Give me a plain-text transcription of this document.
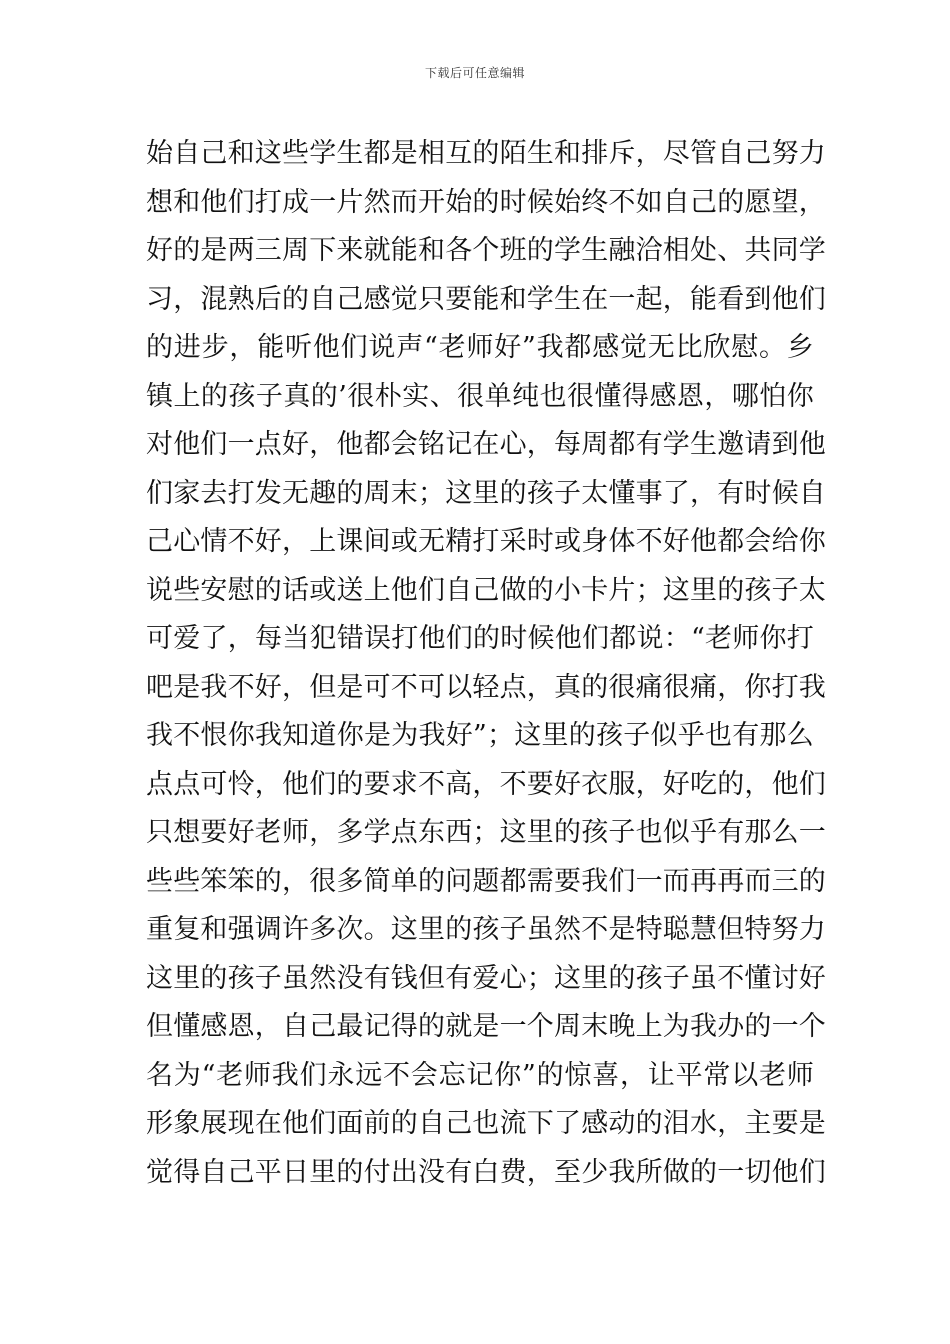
下载后可任意编辑
始自己和这些学生都是相互的陌生和排斥，尽管自己努力
想和他们打成一片然而开始的时候始终不如自己的愿望，
好的是两三周下来就能和各个班的学生融洽相处、共同学
习，混熟后的自己感觉只要能和学生在一起，能看到他们
的进步，能听他们说声“老师好”我都感觉无比欣慰。乡
镇上的孩子真的’很朴实、很单纯也很懂得感恩，哪怕你
对他们一点好，他都会铭记在心，每周都有学生邀请到他
们家去打发无趣的周末；这里的孩子太懂事了，有时候自
己心情不好，上课间或无精打采时或身体不好他都会给你
说些安慰的话或送上他们自己做的小卡片；这里的孩子太
可爱了，每当犯错误打他们的时候他们都说：“老师你打
吧是我不好，但是可不可以轻点，真的很痛很痛，你打我
我不恨你我知道你是为我好”；这里的孩子似乎也有那么
点点可怜，他们的要求不高，不要好衣服，好吃的，他们
只想要好老师，多学点东西；这里的孩子也似乎有那么一
些些笨笨的，很多简单的问题都需要我们一而再再而三的
重复和强调许多次。这里的孩子虽然不是特聪慧但特努力
这里的孩子虽然没有钱但有爱心；这里的孩子虽不懂讨好
但懂感恩，自己最记得的就是一个周末晚上为我办的一个
名为“老师我们永远不会忘记你”的惊喜，让平常以老师
形象展现在他们面前的自己也流下了感动的泪水，主要是
觉得自己平日里的付出没有白费，至少我所做的一切他们
